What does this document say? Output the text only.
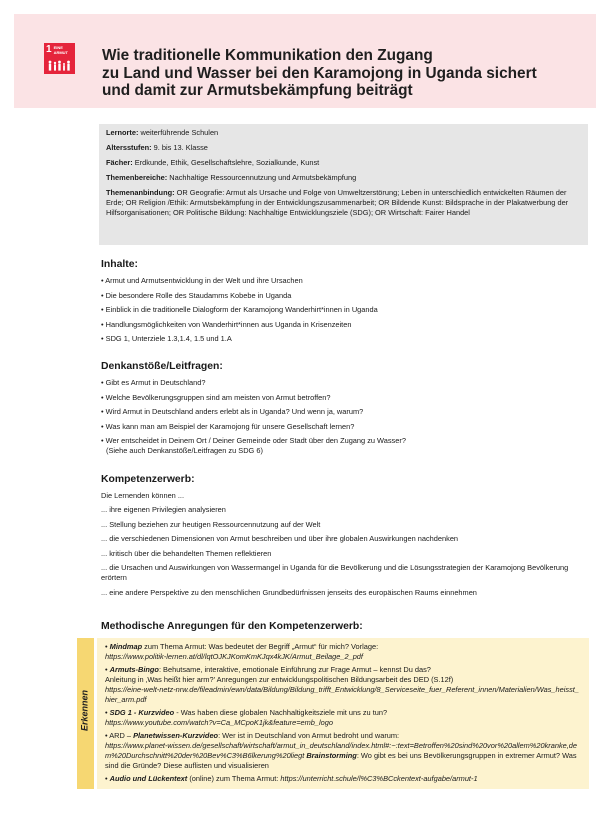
1 EINE ARMUT	Wie traditionelle Kommunikation den Zugang
zu Land und Wasser bei den Karamojong in Uganda sichert
und damit zur Armutsbekämpfung beiträgt
Lernorte: weiterführende Schulen
Altersstufen: 9. bis 13. Klasse
Fächer: Erdkunde, Ethik, Gesellschaftslehre, Sozialkunde, Kunst
Themenbereiche: Nachhaltige Ressourcennutzung und Armutsbekämpfung
Themenanbindung: OR Geografie: Armut als Ursache und Folge von Umweltzerstörung; Leben in unterschiedlich entwickelten Räumen der Erde; OR Religion /Ethik: Armutsbekämpfung in der Entwicklungszusammenarbeit; OR Bildende Kunst: Bildsprache in der Plakatwerbung der Hilfsorganisationen; OR Politische Bildung: Nachhaltige Entwicklungsziele (SDG); OR Wirtschaft: Fairer Handel
Inhalte:
• Armut und Armutsentwicklung in der Welt und ihre Ursachen
• Die besondere Rolle des Staudamms Kobebe in Uganda
• Einblick in die traditionelle Dialogform der Karamojong Wanderhirt*innen in Uganda
• Handlungsmöglichkeiten von Wanderhirt*innen aus Uganda in Krisenzeiten
• SDG 1, Unterziele 1.3,1.4, 1.5 und 1.A
Denkanstöße/Leitfragen:
• Gibt es Armut in Deutschland?
• Welche Bevölkerungsgruppen sind am meisten von Armut betroffen?
• Wird Armut in Deutschland anders erlebt als in Uganda? Und wenn ja, warum?
• Was kann man am Beispiel der Karamojong für unsere Gesellschaft lernen?
• Wer entscheidet in Deinem Ort / Deiner Gemeinde oder Stadt über den Zugang zu Wasser?
(Siehe auch Denkanstöße/Leitfragen zu SDG 6)
Kompetenzerwerb:

Die Lernenden können ...

... ihre eigenen Privilegien analysieren
... Stellung beziehen zur heutigen Ressourcennutzung auf der Welt
... die verschiedenen Dimensionen von Armut beschreiben und über ihre globalen Auswirkungen nachdenken
... kritisch über die behandelten Themen reflektieren
... die Ursachen und Auswirkungen von Wassermangel in Uganda für die Bevölkerung und die Lösungsstrategien der Karamojong Bevölkerung erörtern
... eine andere Perspektive zu den menschlichen Grundbedürfnissen jenseits des europäischen Raums einnehmen
Methodische Anregungen für den Kompetenzerwerb:
Erkennen
• Mindmap zum Thema Armut: Was bedeutet der Begriff „Armut“ für mich? Vorlage:
https://www.politik-lernen.at/dl/lqtOJKJKomKmKJqx4kJK/Armut_Beilage_2_pdf
• Armuts-Bingo: Behutsame, interaktive, emotionale Einführung zur Frage Armut – kennst Du das?
Anleitung in ‚Was heißt hier arm?' Anregungen zur entwicklungspolitischen Bildungsarbeit des DED (S.12f)
https://eine-welt-netz-nrw.de/fileadmin/ewn/data/Bildung/Bildung_trifft_Entwicklung/8_Serviceseite_fuer_Referent_innen/Materialien/Was_heisst_hier_arm.pdf
• SDG 1 - Kurzvideo - Was haben diese globalen Nachhaltigkeitsziele mit uns zu tun?
https://www.youtube.com/watch?v=Ca_MCpoK1jk&feature=emb_logo
• ARD – Planetwissen-Kurzvideo: Wer ist in Deutschland von Armut bedroht und warum:
https://www.planet-wissen.de/gesellschaft/wirtschaft/armut_in_deutschland/index.html#:~:text=Betroffen%20sind%20vor%20allem%20kranke,dem%20Durchschnitt%20der%20Bev%C3%B6lkerung%20liegt Brainstorming: Wo gibt es bei uns Bevölkerungsgruppen in extremer Armut? Was sind die Gründe? Diese auflisten und visualisieren
• Audio und Lückentext (online) zum Thema Armut: https://unterricht.schule/l%C3%BCckentext-aufgabe/armut-1
